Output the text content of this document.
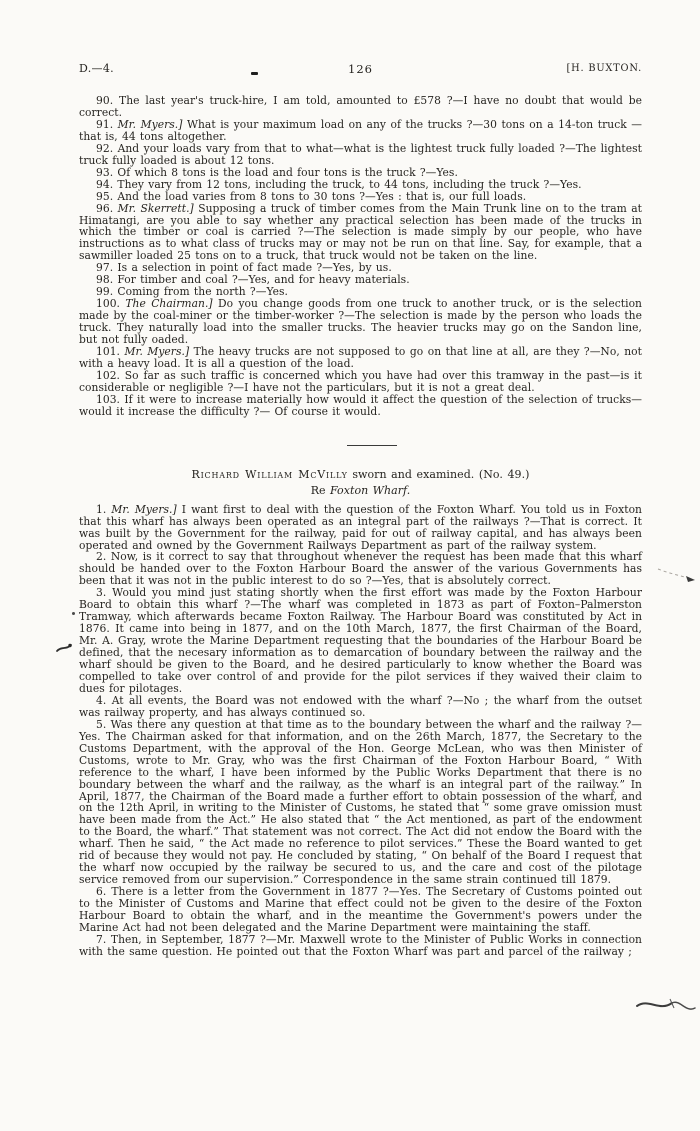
D.—4.	126	[H. BUXTON.

90. The last year's truck-hire, I am told, amounted to £578 ?—I have no doubt that would be correct.

91. Mr. Myers.] What is your maximum load on any of the trucks ?—30 tons on a 14-ton truck —that is, 44 tons altogether.

92. And your loads vary from that to what—what is the lightest truck fully loaded ?—The lightest truck fully loaded is about 12 tons.

93. Of which 8 tons is the load and four tons is the truck ?—Yes.

94. They vary from 12 tons, including the truck, to 44 tons, including the truck ?—Yes.

95. And the load varies from 8 tons to 30 tons ?—Yes : that is, our full loads.

96. Mr. Skerrett.] Supposing a truck of timber comes from the Main Trunk line on to the tram at Himatangi, are you able to say whether any practical selection has been made of the trucks in which the timber or coal is carried ?—The selection is made simply by our people, who have instructions as to what class of trucks may or may not be run on that line. Say, for example, that a sawmiller loaded 25 tons on to a truck, that truck would not be taken on the line.

97. Is a selection in point of fact made ?—Yes, by us.

98. For timber and coal ?—Yes, and for heavy materials.

99. Coming from the north ?—Yes.

100. The Chairman.] Do you change goods from one truck to another truck, or is the selection made by the coal-miner or the timber-worker ?—The selection is made by the person who loads the truck. They naturally load into the smaller trucks. The heavier trucks may go on the Sandon line, but not fully oaded.

101. Mr. Myers.] The heavy trucks are not supposed to go on that line at all, are they ?—No, not with a heavy load. It is all a question of the load.

102. So far as such traffic is concerned which you have had over this tramway in the past—is it considerable or negligible ?—I have not the particulars, but it is not a great deal.

103. If it were to increase materially how would it affect the question of the selection of trucks—would it increase the difficulty ?— Of course it would.

Richard William McVilly sworn and examined. (No. 49.)
Re Foxton Wharf.

1. Mr. Myers.] I want first to deal with the question of the Foxton Wharf. You told us in Foxton that this wharf has always been operated as an integral part of the railways ?—That is correct. It was built by the Government for the railway, paid for out of railway capital, and has always been operated and owned by the Government Railways Department as part of the railway system.

2. Now, is it correct to say that throughout whenever the request has been made that this wharf should be handed over to the Foxton Harbour Board the answer of the various Governments has been that it was not in the public interest to do so ?—Yes, that is absolutely correct.

3. Would you mind just stating shortly when the first effort was made by the Foxton Harbour Board to obtain this wharf ?—The wharf was completed in 1873 as part of Foxton–Palmerston Tramway, which afterwards became Foxton Railway. The Harbour Board was constituted by Act in 1876. It came into being in 1877, and on the 10th March, 1877, the first Chairman of the Board, Mr. A. Gray, wrote the Marine Department requesting that the boundaries of the Harbour Board be defined, that the necesary information as to demarcation of boundary between the railway and the wharf should be given to the Board, and he desired particularly to know whether the Board was compelled to take over control of and provide for the pilot services if they waived their claim to dues for pilotages.

4. At all events, the Board was not endowed with the wharf ?—No ; the wharf from the outset was railway property, and has always continued so.

5. Was there any question at that time as to the boundary between the wharf and the railway ?—Yes. The Chairman asked for that information, and on the 26th March, 1877, the Secretary to the Customs Department, with the approval of the Hon. George McLean, who was then Minister of Customs, wrote to Mr. Gray, who was the first Chairman of the Foxton Harbour Board, “ With reference to the wharf, I have been informed by the Public Works Department that there is no boundary between the wharf and the railway, as the wharf is an integral part of the railway.” In April, 1877, the Chairman of the Board made a further effort to obtain possession of the wharf, and on the 12th April, in writing to the Minister of Customs, he stated that “ some grave omission must have been made from the Act.” He also stated that “ the Act mentioned, as part of the endowment to the Board, the wharf.” That statement was not correct. The Act did not endow the Board with the wharf. Then he said, “ the Act made no reference to pilot services.” These the Board wanted to get rid of because they would not pay. He concluded by stating, “ On behalf of the Board I request that the wharf now occupied by the railway be secured to us, and the care and cost of the pilotage service removed from our supervision.” Correspondence in the same strain continued till 1879.

6. There is a letter from the Government in 1877 ?—Yes. The Secretary of Customs pointed out to the Minister of Customs and Marine that effect could not be given to the desire of the Foxton Harbour Board to obtain the wharf, and in the meantime the Government's powers under the Marine Act had not been delegated and the Marine Department were maintaining the staff.

7. Then, in September, 1877 ?—Mr. Maxwell wrote to the Minister of Public Works in connection with the same question. He pointed out that the Foxton Wharf was part and parcel of the railway ;
